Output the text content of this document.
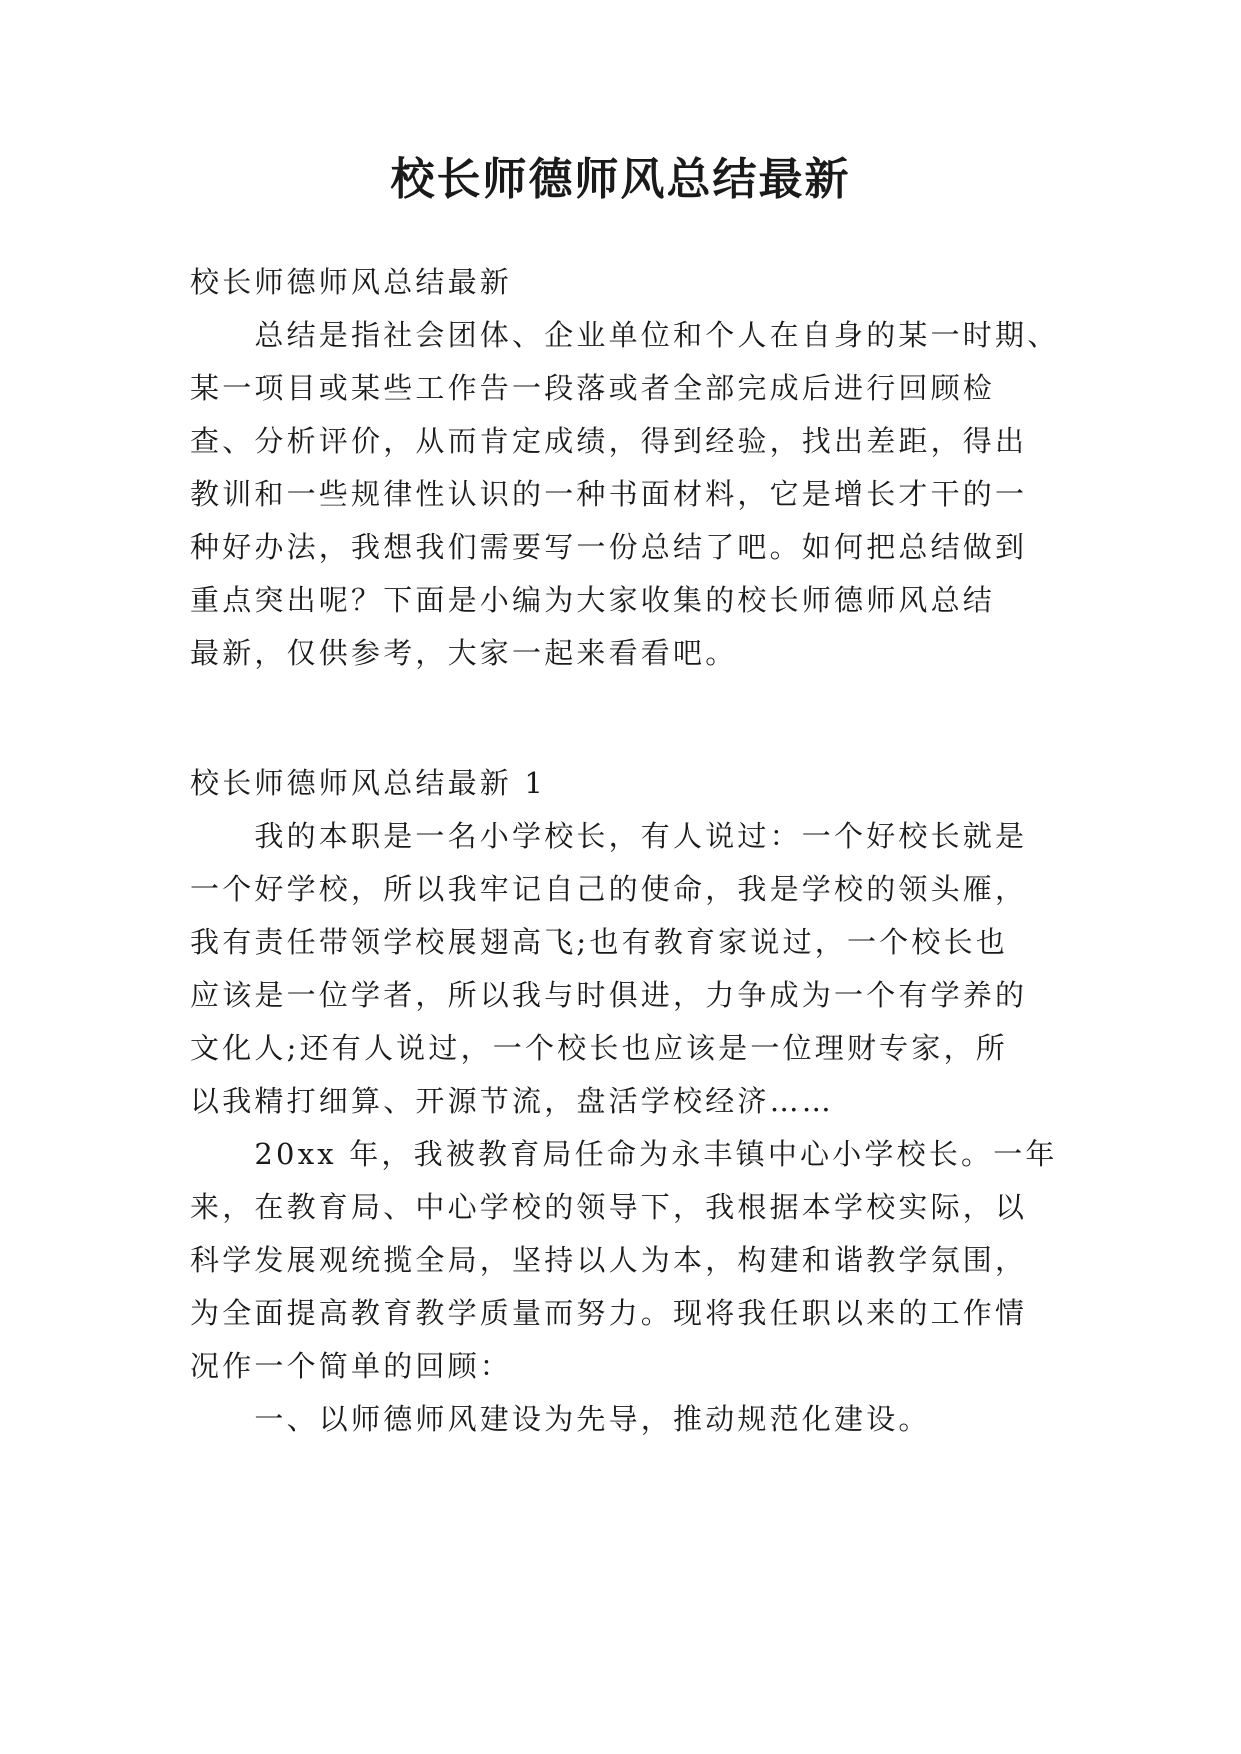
校长师德师风总结最新

校长师德师风总结最新

　　总结是指社会团体、企业单位和个人在自身的某一时期、

某一项目或某些工作告一段落或者全部完成后进行回顾检

查、分析评价，从而肯定成绩，得到经验，找出差距，得出

教训和一些规律性认识的一种书面材料，它是增长才干的一

种好办法，我想我们需要写一份总结了吧。如何把总结做到

重点突出呢？下面是小编为大家收集的校长师德师风总结

最新，仅供参考，大家一起来看看吧。

校长师德师风总结最新 1

　　我的本职是一名小学校长，有人说过：一个好校长就是

一个好学校，所以我牢记自己的使命，我是学校的领头雁，

我有责任带领学校展翅高飞;也有教育家说过，一个校长也

应该是一位学者，所以我与时俱进，力争成为一个有学养的

文化人;还有人说过，一个校长也应该是一位理财专家，所

以我精打细算、开源节流，盘活学校经济……

　　20xx 年，我被教育局任命为永丰镇中心小学校长。一年

来，在教育局、中心学校的领导下，我根据本学校实际，以

科学发展观统揽全局，坚持以人为本，构建和谐教学氛围，

为全面提高教育教学质量而努力。现将我任职以来的工作情

况作一个简单的回顾：

　　一、以师德师风建设为先导，推动规范化建设。
